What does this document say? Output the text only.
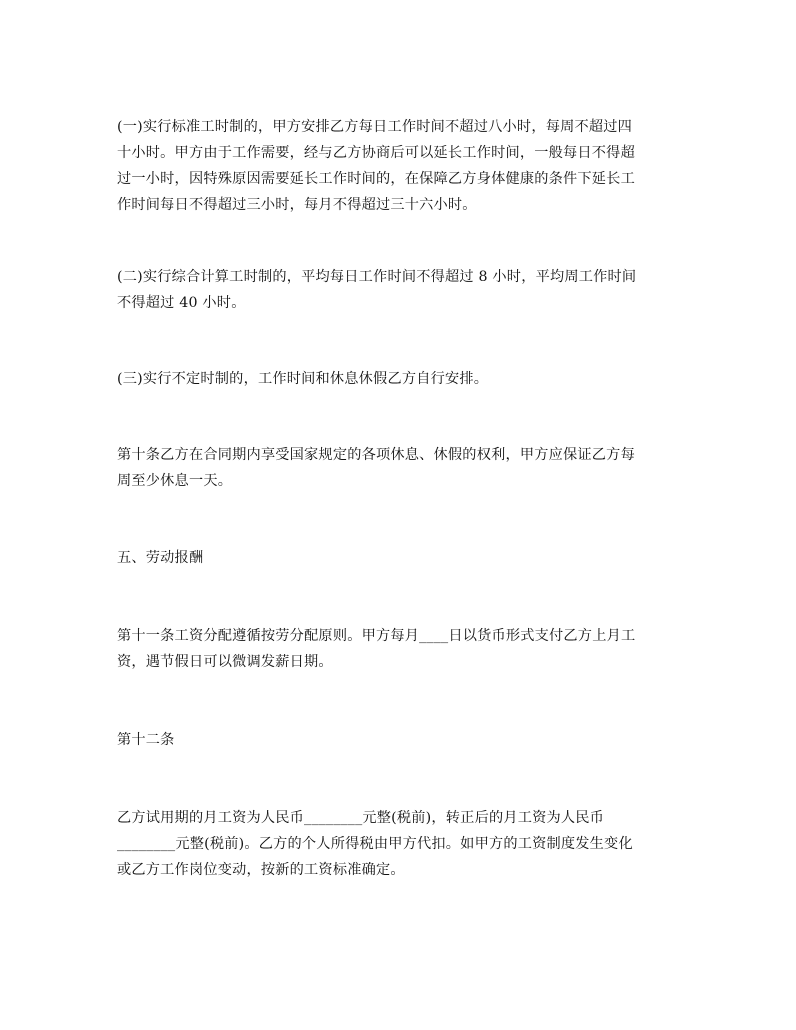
(一)实行标准工时制的，甲方安排乙方每日工作时间不超过八小时，每周不超过四
十小时。甲方由于工作需要，经与乙方协商后可以延长工作时间，一般每日不得超
过一小时，因特殊原因需要延长工作时间的，在保障乙方身体健康的条件下延长工
作时间每日不得超过三小时，每月不得超过三十六小时。
(二)实行综合计算工时制的，平均每日工作时间不得超过 8 小时，平均周工作时间
不得超过 40 小时。
(三)实行不定时制的，工作时间和休息休假乙方自行安排。
第十条乙方在合同期内享受国家规定的各项休息、休假的权利，甲方应保证乙方每
周至少休息一天。
五、劳动报酬
第十一条工资分配遵循按劳分配原则。甲方每月____日以货币形式支付乙方上月工
资，遇节假日可以微调发薪日期。
第十二条
乙方试用期的月工资为人民币________元整(税前)，转正后的月工资为人民币
________元整(税前)。乙方的个人所得税由甲方代扣。如甲方的工资制度发生变化
或乙方工作岗位变动，按新的工资标准确定。
